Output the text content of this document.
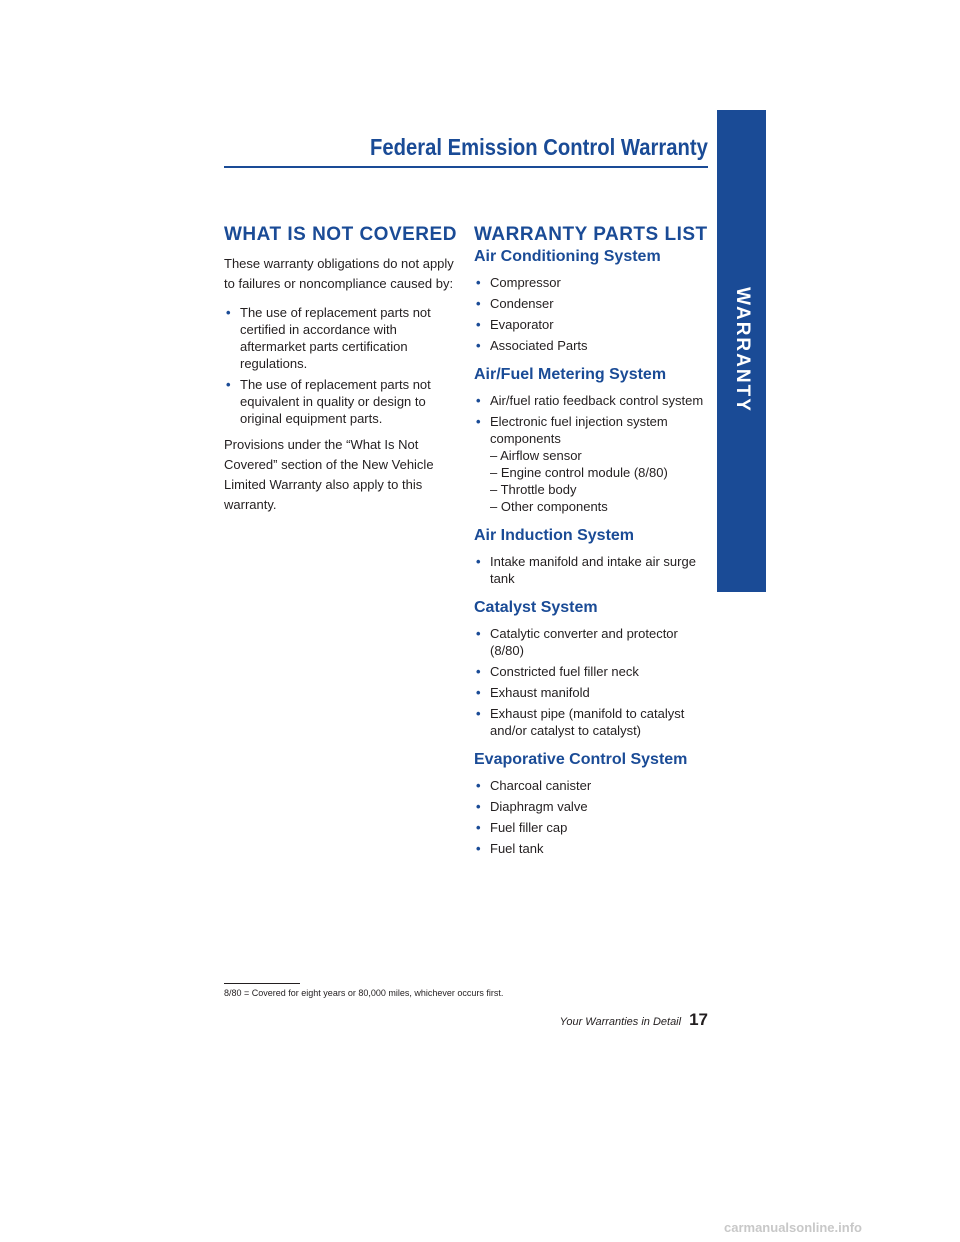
WARRANTY
Federal Emission Control Warranty
WHAT IS NOT COVERED
These warranty obligations do not apply to failures or noncompliance caused by:
• The use of replacement parts not certified in accordance with aftermarket parts certification regulations.
• The use of replacement parts not equivalent in quality or design to original equipment parts.
Provisions under the “What Is Not Covered” section of the New Vehicle Limited Warranty also apply to this warranty.
WARRANTY PARTS LIST
Air Conditioning System
• Compressor
• Condenser
• Evaporator
• Associated Parts
Air/Fuel Metering System
• Air/fuel ratio feedback control system
• Electronic fuel injection system components
– Airflow sensor
– Engine control module (8/80)
– Throttle body
– Other components
Air Induction System
• Intake manifold and intake air surge tank
Catalyst System
• Catalytic converter and protector (8/80)
• Constricted fuel filler neck
• Exhaust manifold
• Exhaust pipe (manifold to catalyst and/or catalyst to catalyst)
Evaporative Control System
• Charcoal canister
• Diaphragm valve
• Fuel filler cap
• Fuel tank
8/80 = Covered for eight years or 80,000 miles, whichever occurs first.
Your Warranties in Detail 17
carmanualsonline.info
